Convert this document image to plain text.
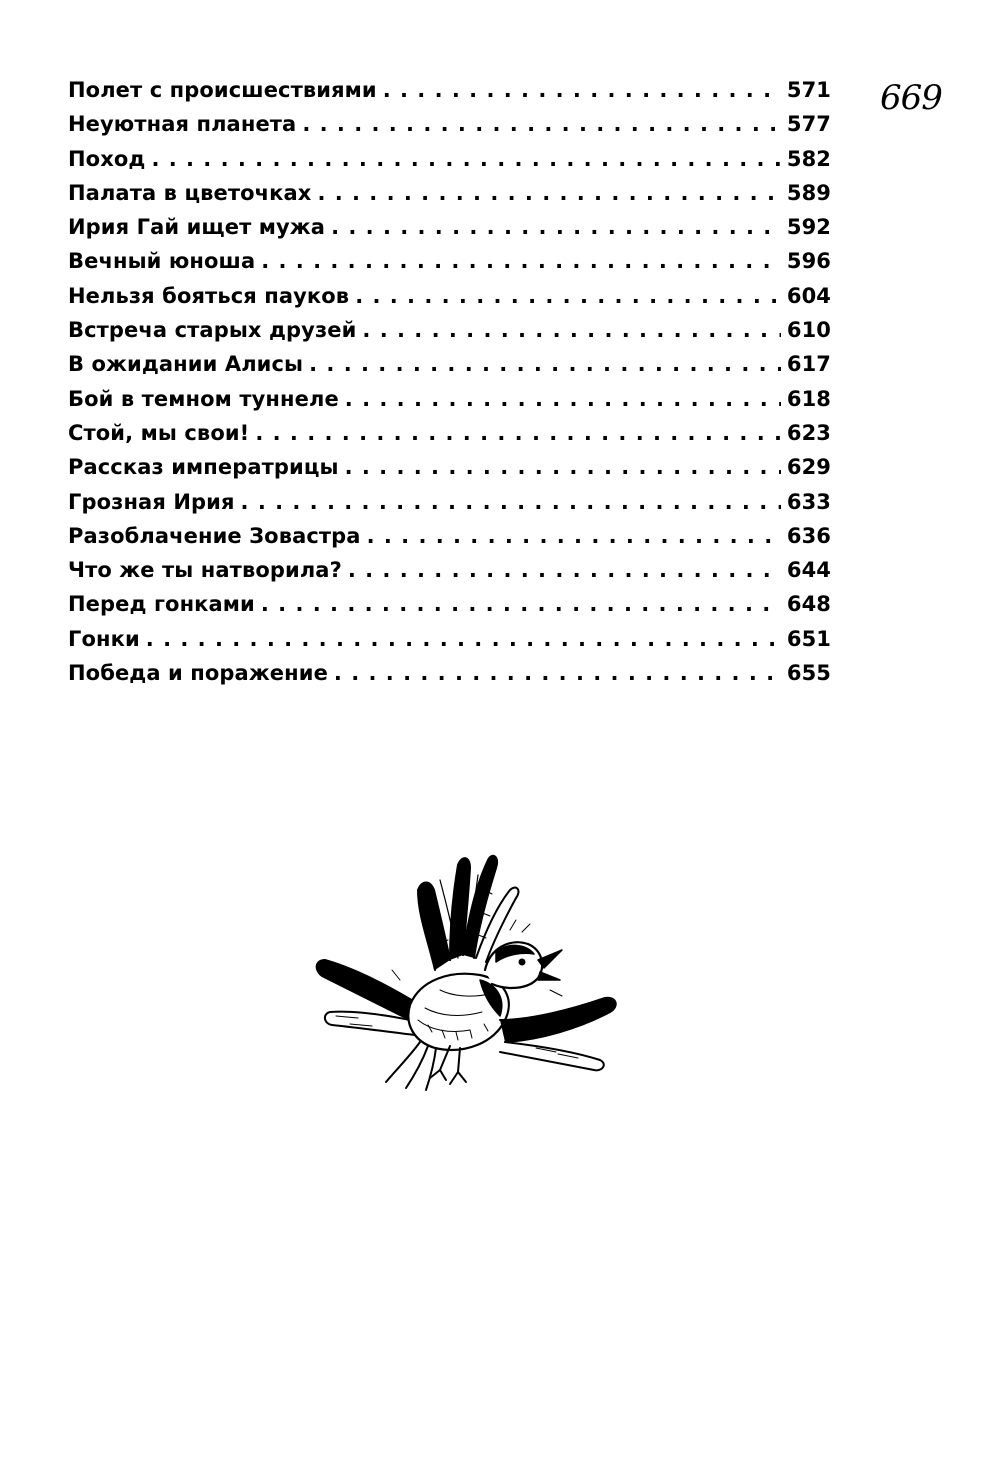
669
Полет с происшествиями . . .	571
Неуютная планета . . .	577
Поход . . .	582
Палата в цветочках . . .	589
Ирия Гай ищет мужа . . .	592
Вечный юноша . . .	596
Нельзя бояться пауков . . .	604
Встреча старых друзей . . .	610
В ожидании Алисы . . .	617
Бой в темном туннеле . . .	618
Стой, мы свои! . . .	623
Рассказ императрицы . . .	629
Грозная Ирия . . .	633
Разоблачение Зовастра . . .	636
Что же ты натворила? . . .	644
Перед гонками . . .	648
Гонки . . .	651
Победа и поражение . . .	655
